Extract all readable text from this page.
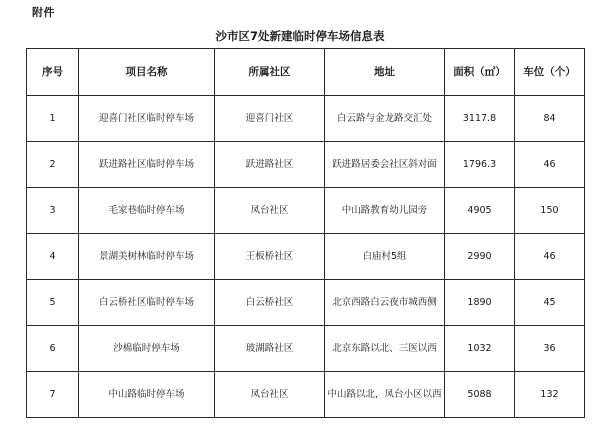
附件
沙市区7处新建临时停车场信息表
序号	项目名称	所属社区	地址	面积（㎡）	车位（个）
1	迎喜门社区临时停车场	迎喜门社区	白云路与金龙路交汇处	3117.8	84
2	跃进路社区临时停车场	跃进路社区	跃进路居委会社区斜对面	1796.3	46
3	毛家巷临时停车场	凤台社区	中山路教育幼儿园旁	4905	150
4	景湖美树林临时停车场	王板桥社区	白庙村5组	2990	46
5	白云桥社区临时停车场	白云桥社区	北京西路白云夜市城西侧	1890	45
6	沙棉临时停车场	玻湖路社区	北京东路以北、三医以西	1032	36
7	中山路临时停车场	凤台社区	中山路以北，凤台小区以西	5088	132
